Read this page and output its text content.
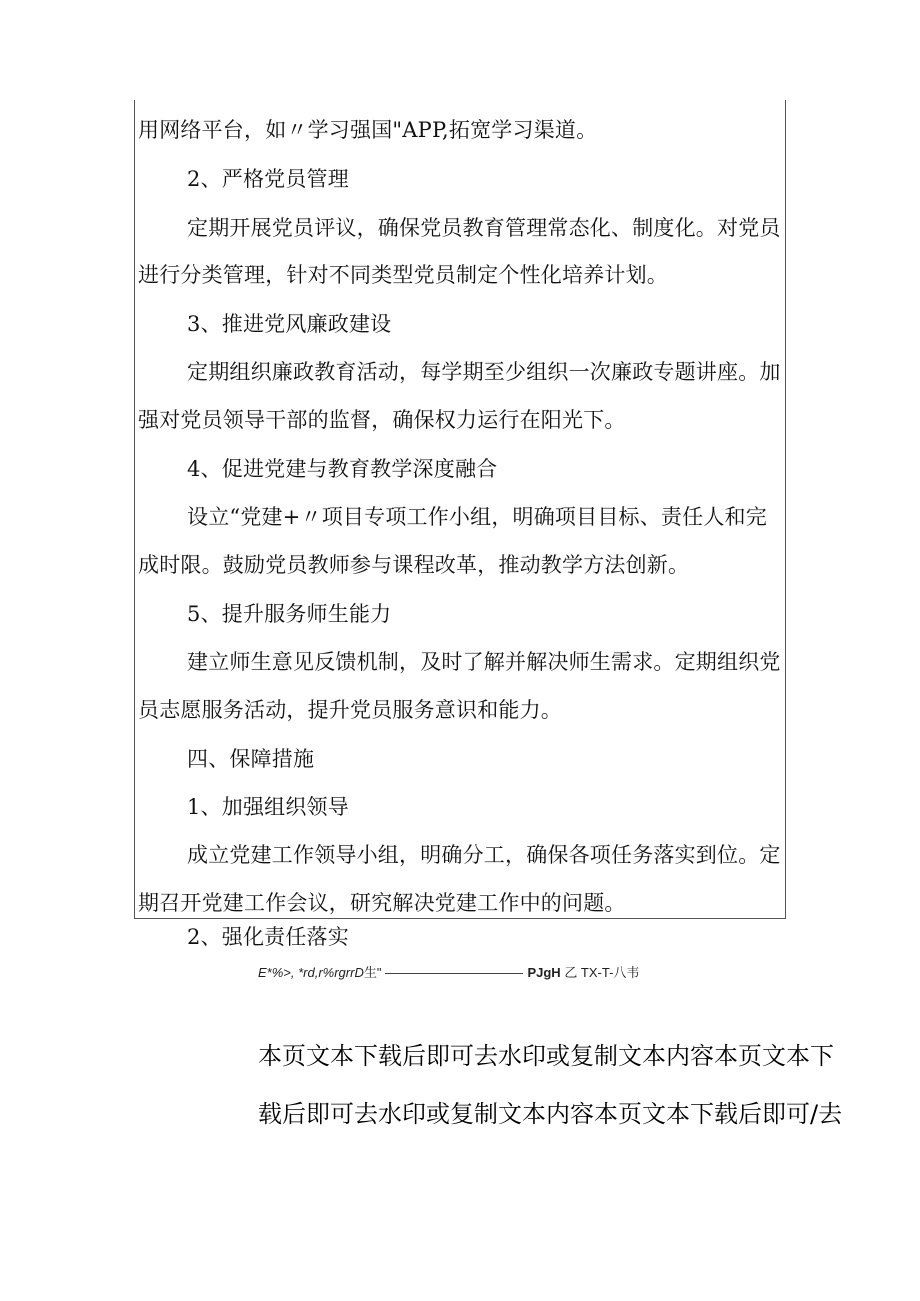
用网络平台，如〃学习强国"APP,拓宽学习渠道。
2、严格党员管理
定期开展党员评议，确保党员教育管理常态化、制度化。对党员
进行分类管理，针对不同类型党员制定个性化培养计划。
3、推进党风廉政建设
定期组织廉政教育活动，每学期至少组织一次廉政专题讲座。加
强对党员领导干部的监督，确保权力运行在阳光下。
4、促进党建与教育教学深度融合
设立“党建+〃项目专项工作小组，明确项目目标、责任人和完
成时限。鼓励党员教师参与课程改革，推动教学方法创新。
5、提升服务师生能力
建立师生意见反馈机制，及时了解并解决师生需求。定期组织党
员志愿服务活动，提升党员服务意识和能力。
四、保障措施
1、加强组织领导
成立党建工作领导小组，明确分工，确保各项任务落实到位。定
期召开党建工作会议，研究解决党建工作中的问题。
2、强化责任落实
E*%>, *rd,r%rgrrD生"	PJgH 乙 TX-T-八韦
本页文本下载后即可去水印或复制文本内容本页文本下
载后即可去水印或复制文本内容本页文本下载后即可/去
